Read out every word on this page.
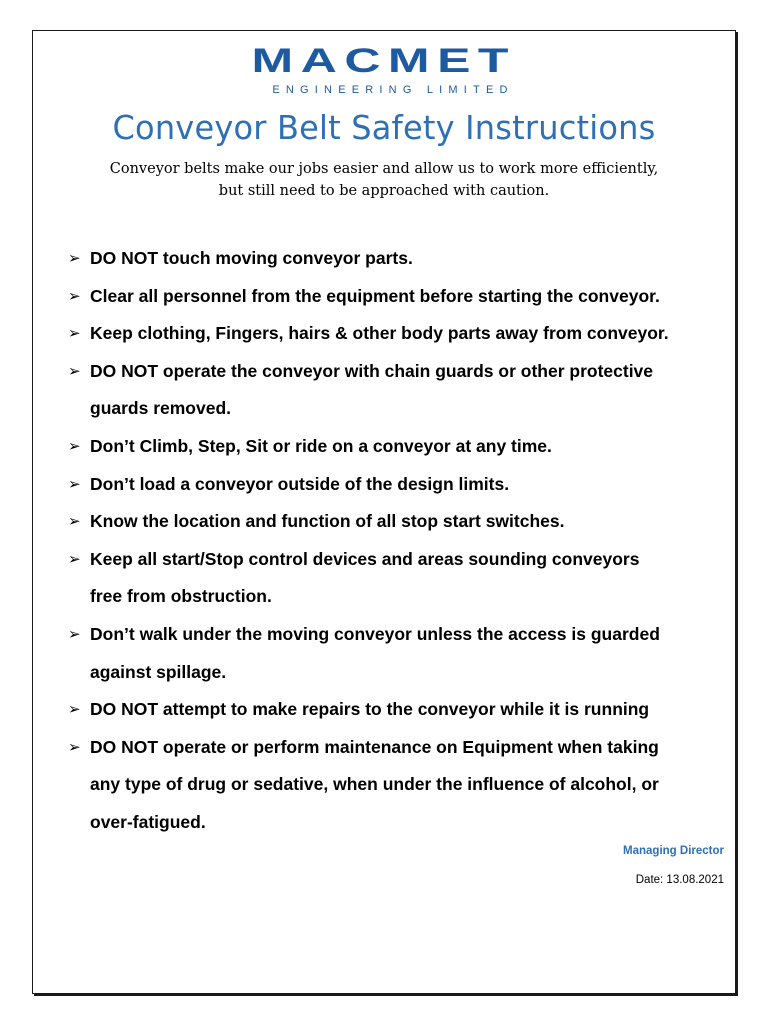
MACMET
ENGINEERING LIMITED
Conveyor Belt Safety Instructions
Conveyor belts make our jobs easier and allow us to work more efficiently,
but still need to be approached with caution.
➢ DO NOT touch moving conveyor parts.
➢ Clear all personnel from the equipment before starting the conveyor.
➢ Keep clothing, Fingers, hairs & other body parts away from conveyor.
➢ DO NOT operate the conveyor with chain guards or other protective
guards removed.
➢ Don’t Climb, Step, Sit or ride on a conveyor at any time.
➢ Don’t load a conveyor outside of the design limits.
➢ Know the location and function of all stop start switches.
➢ Keep all start/Stop control devices and areas sounding conveyors
free from obstruction.
➢ Don’t walk under the moving conveyor unless the access is guarded
against spillage.
➢ DO NOT attempt to make repairs to the conveyor while it is running
➢ DO NOT operate or perform maintenance on Equipment when taking
any type of drug or sedative, when under the influence of alcohol, or
over-fatigued.
Managing Director
Date: 13.08.2021
